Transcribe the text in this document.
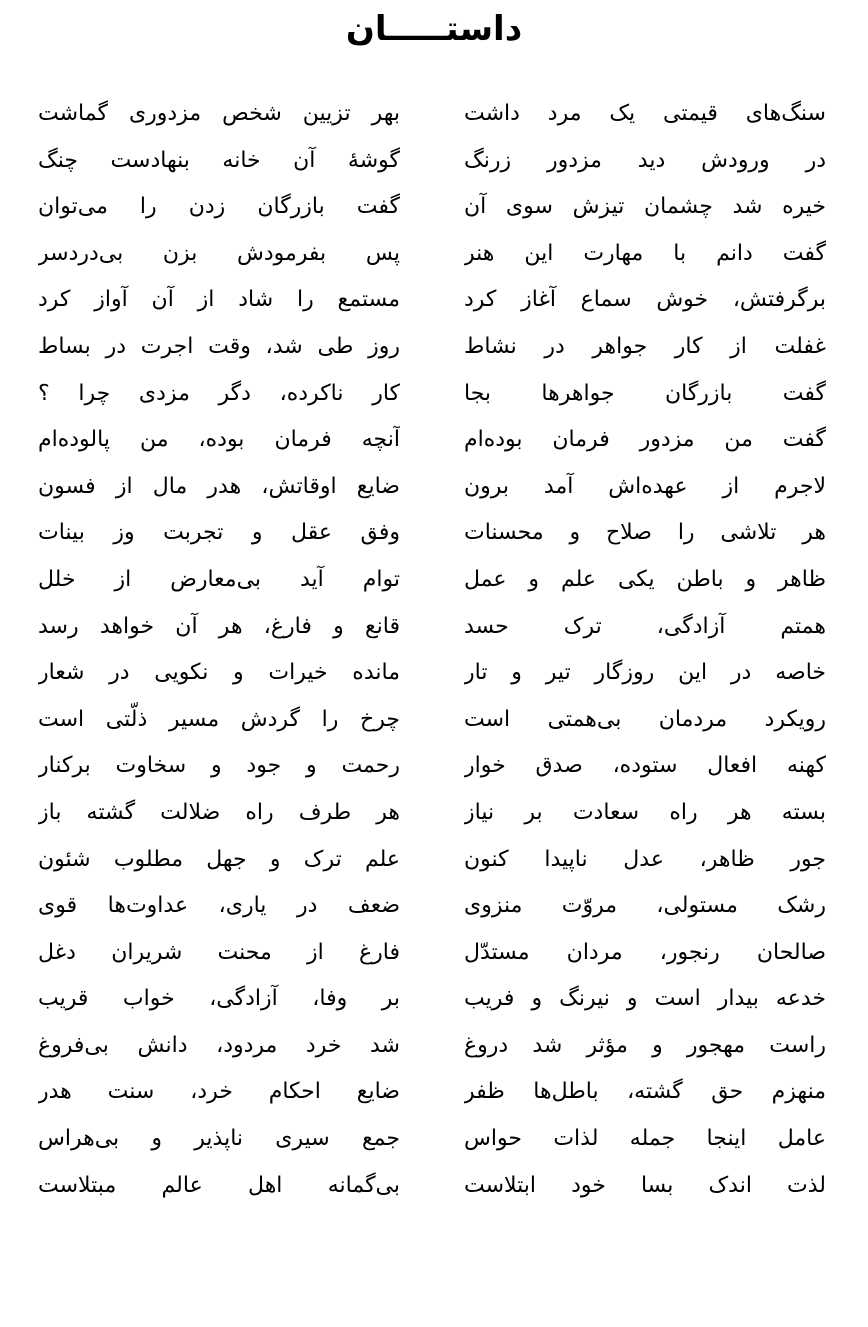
داستـــــان
سنگ‌های قیمتی یک مرد داشت
بهر تزیین شخص مزدوری گماشت
در ورودش دید مزدور زرنگ
گوشهٔ آن خانه بنهادست چنگ
خیره شد چشمان تیزش سوی آن
گفت بازرگان زدن را می‌توان
گفت دانم با مهارت این هنر
پس بفرمودش بزن بی‌دردسر
برگرفتش، خوش سماع آغاز کرد
مستمع را شاد از آن آواز کرد
غفلت از کار جواهر در نشاط
روز طی شد، وقت اجرت در بساط
گفت بازرگان جواهرها بجا
کار ناکرده، دگر مزدی چرا ؟
گفت من مزدور فرمان بوده‌ام
آنچه فرمان بوده، من پالوده‌ام
لاجرم از عهده‌اش آمد برون
ضایع اوقاتش، هدر مال از فسون
هر تلاشی را صلاح و محسنات
وفق عقل و تجربت وز بینات
ظاهر و باطن یکی علم و عمل
توام آید بی‌معارض از خلل
همتم آزادگی، ترک حسد
قانع و فارغ، هر آن خواهد رسد
خاصه در این روزگار تیر و تار
مانده خیرات و نکویی در شعار
رویکرد مردمان بی‌همتی است
چرخ را گردش مسیر ذلّتی است
کهنه افعال ستوده، صدق خوار
رحمت و جود و سخاوت برکنار
بسته هر راه سعادت بر نیاز
هر طرف راه ضلالت گشته باز
جور ظاهر، عدل ناپیدا کنون
علم ترک و جهل مطلوب شئون
رشک مستولی، مروّت منزوی
ضعف در یاری، عداوت‌ها قوی
صالحان رنجور، مردان مستدّل
فارغ از محنت شریران دغل
خدعه بیدار است و نیرنگ و فریب
بر وفا، آزادگی، خواب قریب
راست مهجور و مؤثر شد دروغ
شد خرد مردود، دانش بی‌فروغ
منهزم حق گشته، باطل‌ها ظفر
ضایع احکام خرد، سنت هدر
عامل اینجا جمله لذات حواس
جمع سیری ناپذیر و بی‌هراس
لذت اندک بسا خود ابتلاست
بی‌گمانه اهل عالم مبتلاست
